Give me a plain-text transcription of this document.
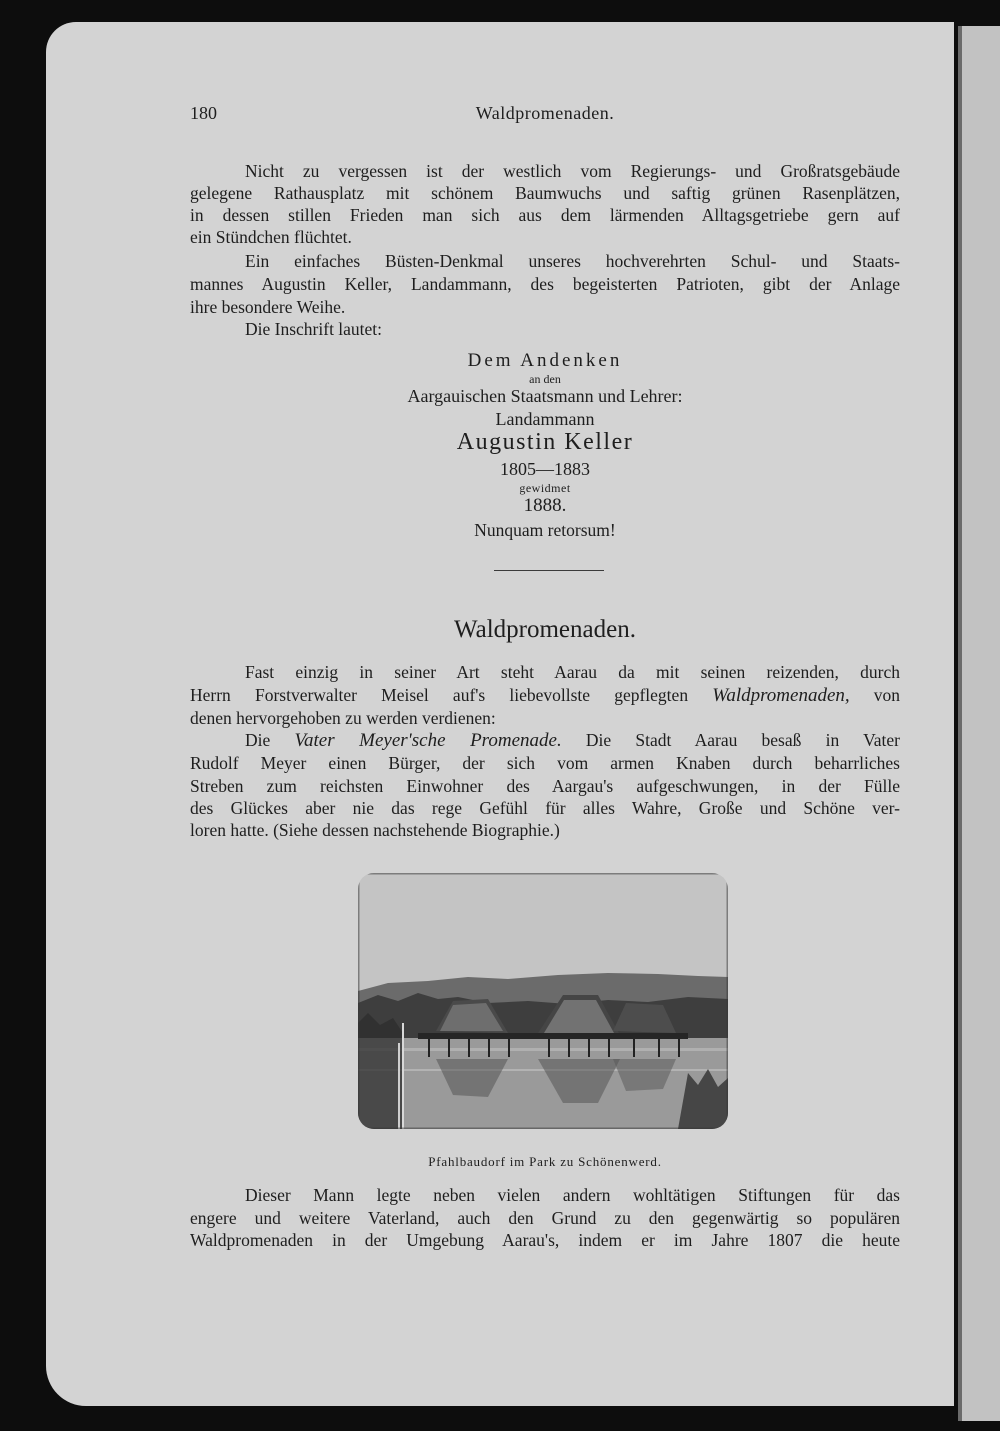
180	Waldpromenaden.
Nicht zu vergessen ist der westlich vom Regierungs- und Großratsgebäude
gelegene Rathausplatz mit schönem Baumwuchs und saftig grünen Rasenplätzen,
in dessen stillen Frieden man sich aus dem lärmenden Alltagsgetriebe gern auf
ein Stündchen flüchtet.
Ein einfaches Büsten-Denkmal unseres hochverehrten Schul- und Staats-
mannes Augustin Keller, Landammann, des begeisterten Patrioten, gibt der Anlage
ihre besondere Weihe.
Die Inschrift lautet:
Dem Andenken
an den
Aargauischen Staatsmann und Lehrer:
Landammann
Augustin Keller
1805—1883
gewidmet
1888.
Nunquam retorsum!
Waldpromenaden.
Fast einzig in seiner Art steht Aarau da mit seinen reizenden, durch
Herrn Forstverwalter Meisel auf's liebevollste gepflegten Waldpromenaden, von
denen hervorgehoben zu werden verdienen:
Die Vater Meyer'sche Promenade. Die Stadt Aarau besaß in Vater
Rudolf Meyer einen Bürger, der sich vom armen Knaben durch beharrliches
Streben zum reichsten Einwohner des Aargau's aufgeschwungen, in der Fülle
des Glückes aber nie das rege Gefühl für alles Wahre, Große und Schöne ver-
loren hatte. (Siehe dessen nachstehende Biographie.)
Pfahlbaudorf im Park zu Schönenwerd.
Dieser Mann legte neben vielen andern wohltätigen Stiftungen für das
engere und weitere Vaterland, auch den Grund zu den gegenwärtig so populären
Waldpromenaden in der Umgebung Aarau's, indem er im Jahre 1807 die heute
